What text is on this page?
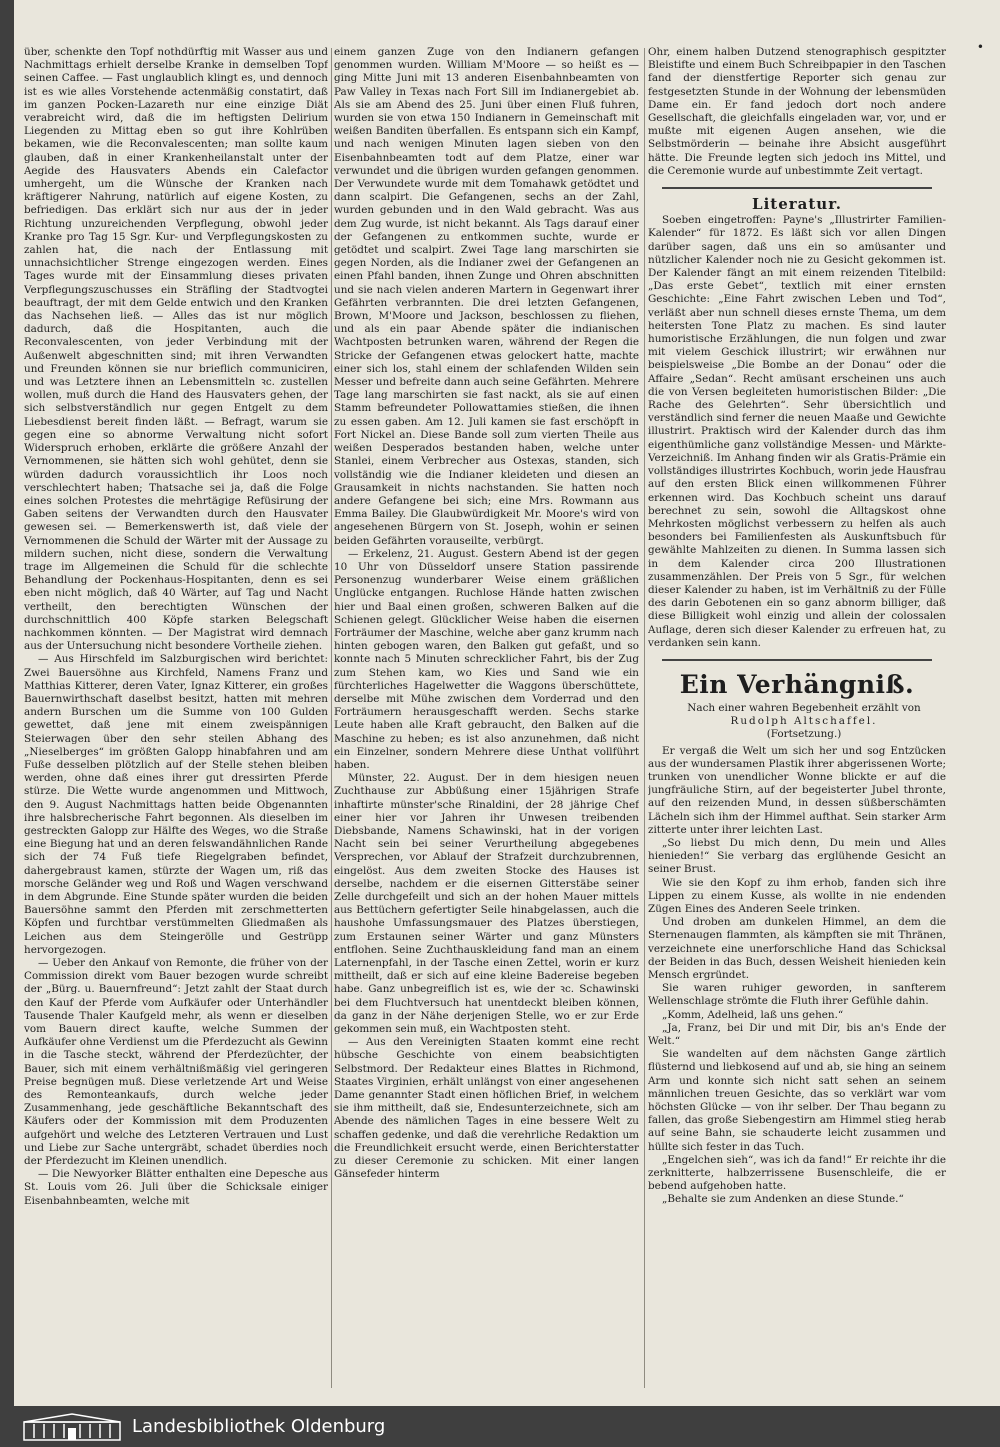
•

über, schenkte den Topf nothdürftig mit Wasser aus und Nachmittags erhielt derselbe Kranke in demselben Topf seinen Caffee. — Fast unglaublich klingt es, und dennoch ist es wie alles Vorstehende actenmäßig constatirt, daß im ganzen Pocken-Lazareth nur eine einzige Diät verabreicht wird, daß die im heftigsten Delirium Liegenden zu Mittag eben so gut ihre Kohlrüben bekamen, wie die Reconvalescenten; man sollte kaum glauben, daß in einer Krankenheilanstalt unter der Aegide des Hausvaters Abends ein Calefactor umhergeht, um die Wünsche der Kranken nach kräftigerer Nahrung, natürlich auf eigene Kosten, zu befriedigen. Das erklärt sich nur aus der in jeder Richtung unzureichenden Verpflegung, obwohl jeder Kranke pro Tag 15 Sgr. Kur- und Verpflegungskosten zu zahlen hat, die nach der Entlassung mit unnachsichtlicher Strenge eingezogen werden. Eines Tages wurde mit der Einsammlung dieses privaten Verpflegungszuschusses ein Sträfling der Stadtvogtei beauftragt, der mit dem Gelde entwich und den Kranken das Nachsehen ließ. — Alles das ist nur möglich dadurch, daß die Hospitanten, auch die Reconvalescenten, von jeder Verbindung mit der Außenwelt abgeschnitten sind; mit ihren Verwandten und Freunden können sie nur brieflich communiciren, und was Letztere ihnen an Lebensmitteln ꝛc. zustellen wollen, muß durch die Hand des Hausvaters gehen, der sich selbstverständlich nur gegen Entgelt zu dem Liebesdienst bereit finden läßt. — Befragt, warum sie gegen eine so abnorme Verwaltung nicht sofort Widerspruch erhoben, erklärte die größere Anzahl der Vernommenen, sie hätten sich wohl gehütet, denn sie würden dadurch voraussichtlich ihr Loos noch verschlechtert haben; Thatsache sei ja, daß die Folge eines solchen Protestes die mehrtägige Refüsirung der Gaben seitens der Verwandten durch den Hausvater gewesen sei. — Bemerkenswerth ist, daß viele der Vernommenen die Schuld der Wärter mit der Aussage zu mildern suchen, nicht diese, sondern die Verwaltung trage im Allgemeinen die Schuld für die schlechte Behandlung der Pockenhaus-Hospitanten, denn es sei eben nicht möglich, daß 40 Wärter, auf Tag und Nacht vertheilt, den berechtigten Wünschen der durchschnittlich 400 Köpfe starken Belegschaft nachkommen könnten. — Der Magistrat wird demnach aus der Untersuchung nicht besondere Vortheile ziehen.

— Aus Hirschfeld im Salzburgischen wird berichtet: Zwei Bauersöhne aus Kirchfeld, Namens Franz und Matthias Kitterer, deren Vater, Ignaz Kitterer, ein großes Bauernwirthschaft daselbst besitzt, hatten mit mehren andern Burschen um die Summe von 100 Gulden gewettet, daß jene mit einem zweispännigen Steierwagen über den sehr steilen Abhang des „Nieselberges“ im größten Galopp hinabfahren und am Fuße desselben plötzlich auf der Stelle stehen bleiben werden, ohne daß eines ihrer gut dressirten Pferde stürze. Die Wette wurde angenommen und Mittwoch, den 9. August Nachmittags hatten beide Obgenannten ihre halsbrecherische Fahrt begonnen. Als dieselben im gestreckten Galopp zur Hälfte des Weges, wo die Straße eine Biegung hat und an deren felswandähnlichen Rande sich der 74 Fuß tiefe Riegelgraben befindet, dahergebraust kamen, stürzte der Wagen um, riß das morsche Geländer weg und Roß und Wagen verschwand in dem Abgrunde. Eine Stunde später wurden die beiden Bauersöhne sammt den Pferden mit zerschmetterten Köpfen und furchtbar verstümmelten Gliedmaßen als Leichen aus dem Steingerölle und Gestrüpp hervorgezogen.

— Ueber den Ankauf von Remonte, die früher von der Commission direkt vom Bauer bezogen wurde schreibt der „Bürg. u. Bauernfreund“: Jetzt zahlt der Staat durch den Kauf der Pferde vom Aufkäufer oder Unterhändler Tausende Thaler Kaufgeld mehr, als wenn er dieselben vom Bauern direct kaufte, welche Summen der Aufkäufer ohne Verdienst um die Pferdezucht als Gewinn in die Tasche steckt, während der Pferdezüchter, der Bauer, sich mit einem verhältnißmäßig viel geringeren Preise begnügen muß. Diese verletzende Art und Weise des Remonteankaufs, durch welche jeder Zusammenhang, jede geschäftliche Bekanntschaft des Käufers oder der Kommission mit dem Produzenten aufgehört und welche des Letzteren Vertrauen und Lust und Liebe zur Sache untergräbt, schadet überdies noch der Pferdezucht im Kleinen unendlich.

— Die Newyorker Blätter enthalten eine Depesche aus St. Louis vom 26. Juli über die Schicksale einiger Eisenbahnbeamten, welche mit

einem ganzen Zuge von den Indianern gefangen genommen wurden. William M'Moore — so heißt es — ging Mitte Juni mit 13 anderen Eisenbahnbeamten von Paw Valley in Texas nach Fort Sill im Indianergebiet ab. Als sie am Abend des 25. Juni über einen Fluß fuhren, wurden sie von etwa 150 Indianern in Gemeinschaft mit weißen Banditen überfallen. Es entspann sich ein Kampf, und nach wenigen Minuten lagen sieben von den Eisenbahnbeamten todt auf dem Platze, einer war verwundet und die übrigen wurden gefangen genommen. Der Verwundete wurde mit dem Tomahawk getödtet und dann scalpirt. Die Gefangenen, sechs an der Zahl, wurden gebunden und in den Wald gebracht. Was aus dem Zug wurde, ist nicht bekannt. Als Tags darauf einer der Gefangenen zu entkommen suchte, wurde er getödtet und scalpirt. Zwei Tage lang marschirten sie gegen Norden, als die Indianer zwei der Gefangenen an einen Pfahl banden, ihnen Zunge und Ohren abschnitten und sie nach vielen anderen Martern in Gegenwart ihrer Gefährten verbrannten. Die drei letzten Gefangenen, Brown, M'Moore und Jackson, beschlossen zu fliehen, und als ein paar Abende später die indianischen Wachtposten betrunken waren, während der Regen die Stricke der Gefangenen etwas gelockert hatte, machte einer sich los, stahl einem der schlafenden Wilden sein Messer und befreite dann auch seine Gefährten. Mehrere Tage lang marschirten sie fast nackt, als sie auf einen Stamm befreundeter Pollowattamies stießen, die ihnen zu essen gaben. Am 12. Juli kamen sie fast erschöpft in Fort Nickel an. Diese Bande soll zum vierten Theile aus weißen Desperados bestanden haben, welche unter Stanlei, einem Verbrecher aus Ostexas, standen, sich vollständig wie die Indianer kleideten und diesen an Grausamkeit in nichts nachstanden. Sie hatten noch andere Gefangene bei sich; eine Mrs. Rowmann aus Emma Bailey. Die Glaubwürdigkeit Mr. Moore's wird von angesehenen Bürgern von St. Joseph, wohin er seinen beiden Gefährten vorauseilte, verbürgt.

— Erkelenz, 21. August. Gestern Abend ist der gegen 10 Uhr von Düsseldorf unsere Station passirende Personenzug wunderbarer Weise einem gräßlichen Unglücke entgangen. Ruchlose Hände hatten zwischen hier und Baal einen großen, schweren Balken auf die Schienen gelegt. Glücklicher Weise haben die eisernen Forträumer der Maschine, welche aber ganz krumm nach hinten gebogen waren, den Balken gut gefaßt, und so konnte nach 5 Minuten schrecklicher Fahrt, bis der Zug zum Stehen kam, wo Kies und Sand wie ein fürchterliches Hagelwetter die Waggons überschüttete, derselbe mit Mühe zwischen dem Vorderrad und den Forträumern herausgeschafft werden. Sechs starke Leute haben alle Kraft gebraucht, den Balken auf die Maschine zu heben; es ist also anzunehmen, daß nicht ein Einzelner, sondern Mehrere diese Unthat vollführt haben.

Münster, 22. August. Der in dem hiesigen neuen Zuchthause zur Abbüßung einer 15jährigen Strafe inhaftirte münster'sche Rinaldini, der 28 jährige Chef einer hier vor Jahren ihr Unwesen treibenden Diebsbande, Namens Schawinski, hat in der vorigen Nacht sein bei seiner Verurtheilung abgegebenes Versprechen, vor Ablauf der Strafzeit durchzubrennen, eingelöst. Aus dem zweiten Stocke des Hauses ist derselbe, nachdem er die eisernen Gitterstäbe seiner Zelle durchgefeilt und sich an der hohen Mauer mittels aus Bettüchern gefertigter Seile hinabgelassen, auch die haushohe Umfassungsmauer des Platzes überstiegen, zum Erstaunen seiner Wärter und ganz Münsters entflohen. Seine Zuchthauskleidung fand man an einem Laternenpfahl, in der Tasche einen Zettel, worin er kurz mittheilt, daß er sich auf eine kleine Badereise begeben habe. Ganz unbegreiflich ist es, wie der ꝛc. Schawinski bei dem Fluchtversuch hat unentdeckt bleiben können, da ganz in der Nähe derjenigen Stelle, wo er zur Erde gekommen sein muß, ein Wachtposten steht.

— Aus den Vereinigten Staaten kommt eine recht hübsche Geschichte von einem beabsichtigten Selbstmord. Der Redakteur eines Blattes in Richmond, Staates Virginien, erhält unlängst von einer angesehenen Dame genannter Stadt einen höflichen Brief, in welchem sie ihm mittheilt, daß sie, Endesunterzeichnete, sich am Abende des nämlichen Tages in eine bessere Welt zu schaffen gedenke, und daß die verehrliche Redaktion um die Freundlichkeit ersucht werde, einen Berichterstatter zu dieser Ceremonie zu schicken. Mit einer langen Gänsefeder hinterm

Ohr, einem halben Dutzend stenographisch gespitzter Bleistifte und einem Buch Schreibpapier in den Taschen fand der dienstfertige Reporter sich genau zur festgesetzten Stunde in der Wohnung der lebensmüden Dame ein. Er fand jedoch dort noch andere Gesellschaft, die gleichfalls eingeladen war, vor, und er mußte mit eigenen Augen ansehen, wie die Selbstmörderin — beinahe ihre Absicht ausgeführt hätte. Die Freunde legten sich jedoch ins Mittel, und die Ceremonie wurde auf unbestimmte Zeit vertagt.

Literatur.

Soeben eingetroffen: Payne's „Illustrirter Familien-Kalender“ für 1872. Es läßt sich vor allen Dingen darüber sagen, daß uns ein so amüsanter und nützlicher Kalender noch nie zu Gesicht gekommen ist. Der Kalender fängt an mit einem reizenden Titelbild: „Das erste Gebet“, textlich mit einer ernsten Geschichte: „Eine Fahrt zwischen Leben und Tod“, verläßt aber nun schnell dieses ernste Thema, um dem heitersten Tone Platz zu machen. Es sind lauter humoristische Erzählungen, die nun folgen und zwar mit vielem Geschick illustrirt; wir erwähnen nur beispielsweise „Die Bombe an der Donau“ oder die Affaire „Sedan“. Recht amüsant erscheinen uns auch die von Versen begleiteten humoristischen Bilder: „Die Rache des Gelehrten“. Sehr übersichtlich und verständlich sind ferner die neuen Maaße und Gewichte illustrirt. Praktisch wird der Kalender durch das ihm eigenthümliche ganz vollständige Messen- und Märkte-Verzeichniß. Im Anhang finden wir als Gratis-Prämie ein vollständiges illustrirtes Kochbuch, worin jede Hausfrau auf den ersten Blick einen willkommenen Führer erkennen wird. Das Kochbuch scheint uns darauf berechnet zu sein, sowohl die Alltagskost ohne Mehrkosten möglichst verbessern zu helfen als auch besonders bei Familienfesten als Auskunftsbuch für gewählte Mahlzeiten zu dienen. In Summa lassen sich in dem Kalender circa 200 Illustrationen zusammenzählen. Der Preis von 5 Sgr., für welchen dieser Kalender zu haben, ist im Verhältniß zu der Fülle des darin Gebotenen ein so ganz abnorm billiger, daß diese Billigkeit wohl einzig und allein der colossalen Auflage, deren sich dieser Kalender zu erfreuen hat, zu verdanken sein kann.

Ein Verhängniß.

Nach einer wahren Begebenheit erzählt von

Rudolph Altschaffel.

(Fortsetzung.)

Er vergaß die Welt um sich her und sog Entzücken aus der wundersamen Plastik ihrer abgerissenen Worte; trunken von unendlicher Wonne blickte er auf die jungfräuliche Stirn, auf der begeisterter Jubel thronte, auf den reizenden Mund, in dessen süßberschämten Lächeln sich ihm der Himmel aufthat. Sein starker Arm zitterte unter ihrer leichten Last.

„So liebst Du mich denn, Du mein und Alles hienieden!“ Sie verbarg das erglühende Gesicht an seiner Brust.

Wie sie den Kopf zu ihm erhob, fanden sich ihre Lippen zu einem Kusse, als wollte in nie endenden Zügen Eines des Anderen Seele trinken.

Und droben am dunkelen Himmel, an dem die Sternenaugen flammten, als kämpften sie mit Thränen, verzeichnete eine unerforschliche Hand das Schicksal der Beiden in das Buch, dessen Weisheit hienieden kein Mensch ergründet.

Sie waren ruhiger geworden, in sanfterem Wellenschlage strömte die Fluth ihrer Gefühle dahin.

„Komm, Adelheid, laß uns gehen.“

„Ja, Franz, bei Dir und mit Dir, bis an's Ende der Welt.“

Sie wandelten auf dem nächsten Gange zärtlich flüsternd und liebkosend auf und ab, sie hing an seinem Arm und konnte sich nicht satt sehen an seinem männlichen treuen Gesichte, das so verklärt war vom höchsten Glücke — von ihr selber. Der Thau begann zu fallen, das große Siebengestirn am Himmel stieg herab auf seine Bahn, sie schauderte leicht zusammen und hüllte sich fester in das Tuch.

„Engelchen sieh“, was ich da fand!“ Er reichte ihr die zerknitterte, halbzerrissene Busenschleife, die er bebend aufgehoben hatte.

„Behalte sie zum Andenken an diese Stunde.“

Landesbibliothek Oldenburg
